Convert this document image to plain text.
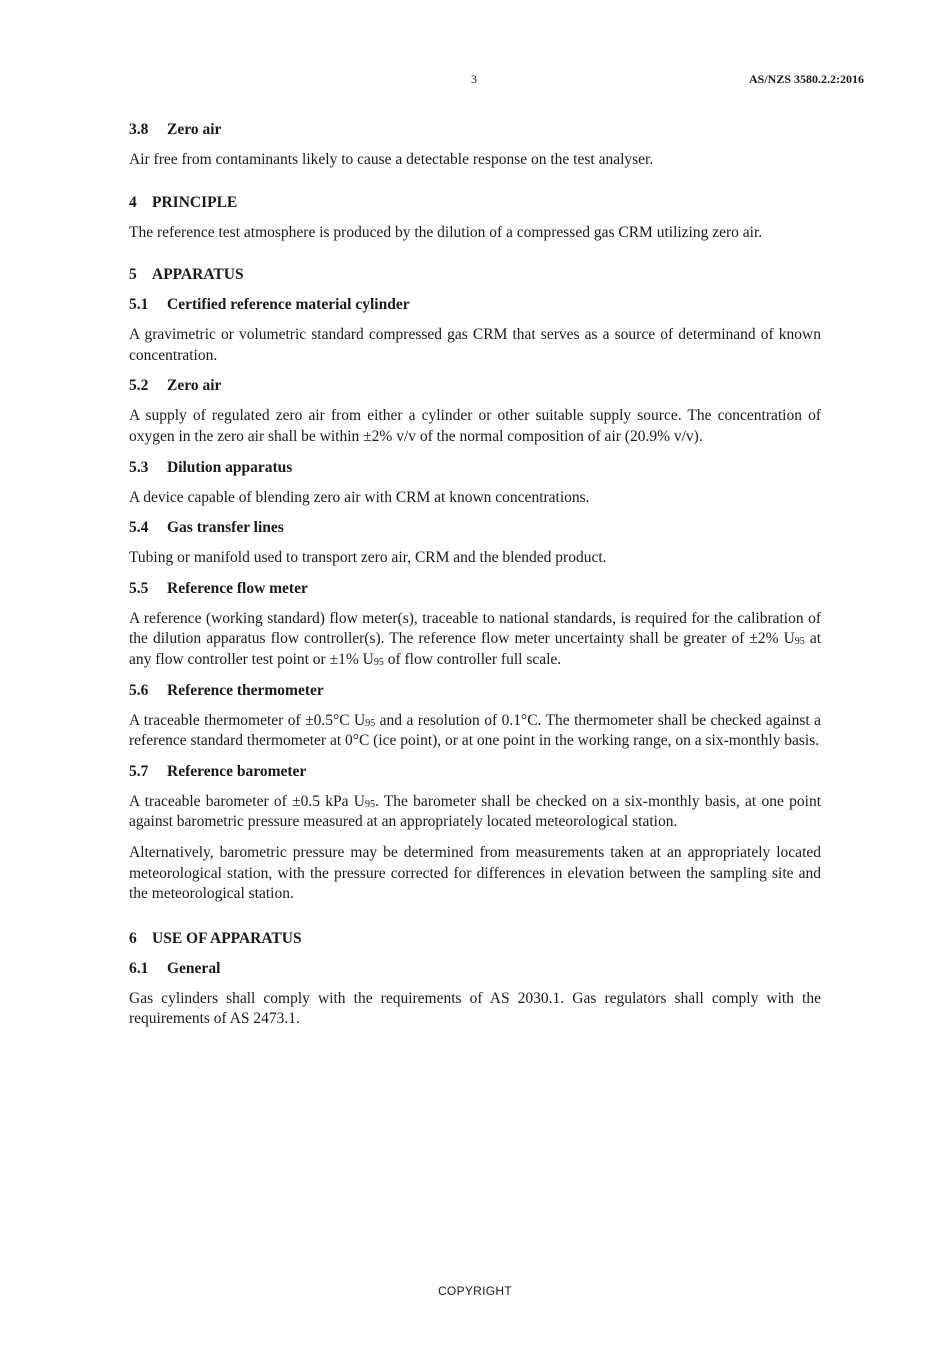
3	AS/NZS 3580.2.2:2016
3.8 Zero air
Air free from contaminants likely to cause a detectable response on the test analyser.
4 PRINCIPLE
The reference test atmosphere is produced by the dilution of a compressed gas CRM utilizing zero air.
5 APPARATUS
5.1 Certified reference material cylinder
A gravimetric or volumetric standard compressed gas CRM that serves as a source of determinand of known concentration.
5.2 Zero air
A supply of regulated zero air from either a cylinder or other suitable supply source. The concentration of oxygen in the zero air shall be within ±2% v/v of the normal composition of air (20.9% v/v).
5.3 Dilution apparatus
A device capable of blending zero air with CRM at known concentrations.
5.4 Gas transfer lines
Tubing or manifold used to transport zero air, CRM and the blended product.
5.5 Reference flow meter
A reference (working standard) flow meter(s), traceable to national standards, is required for the calibration of the dilution apparatus flow controller(s). The reference flow meter uncertainty shall be greater of ±2% $U_{95}$ at any flow controller test point or ±1% $U_{95}$ of flow controller full scale.
5.6 Reference thermometer
A traceable thermometer of ±0.5°C $U_{95}$ and a resolution of 0.1°C. The thermometer shall be checked against a reference standard thermometer at 0°C (ice point), or at one point in the working range, on a six-monthly basis.
5.7 Reference barometer
A traceable barometer of ±0.5 kPa $U_{95}$. The barometer shall be checked on a six-monthly basis, at one point against barometric pressure measured at an appropriately located meteorological station.
Alternatively, barometric pressure may be determined from measurements taken at an appropriately located meteorological station, with the pressure corrected for differences in elevation between the sampling site and the meteorological station.
6 USE OF APPARATUS
6.1 General
Gas cylinders shall comply with the requirements of AS 2030.1. Gas regulators shall comply with the requirements of AS 2473.1.
COPYRIGHT
